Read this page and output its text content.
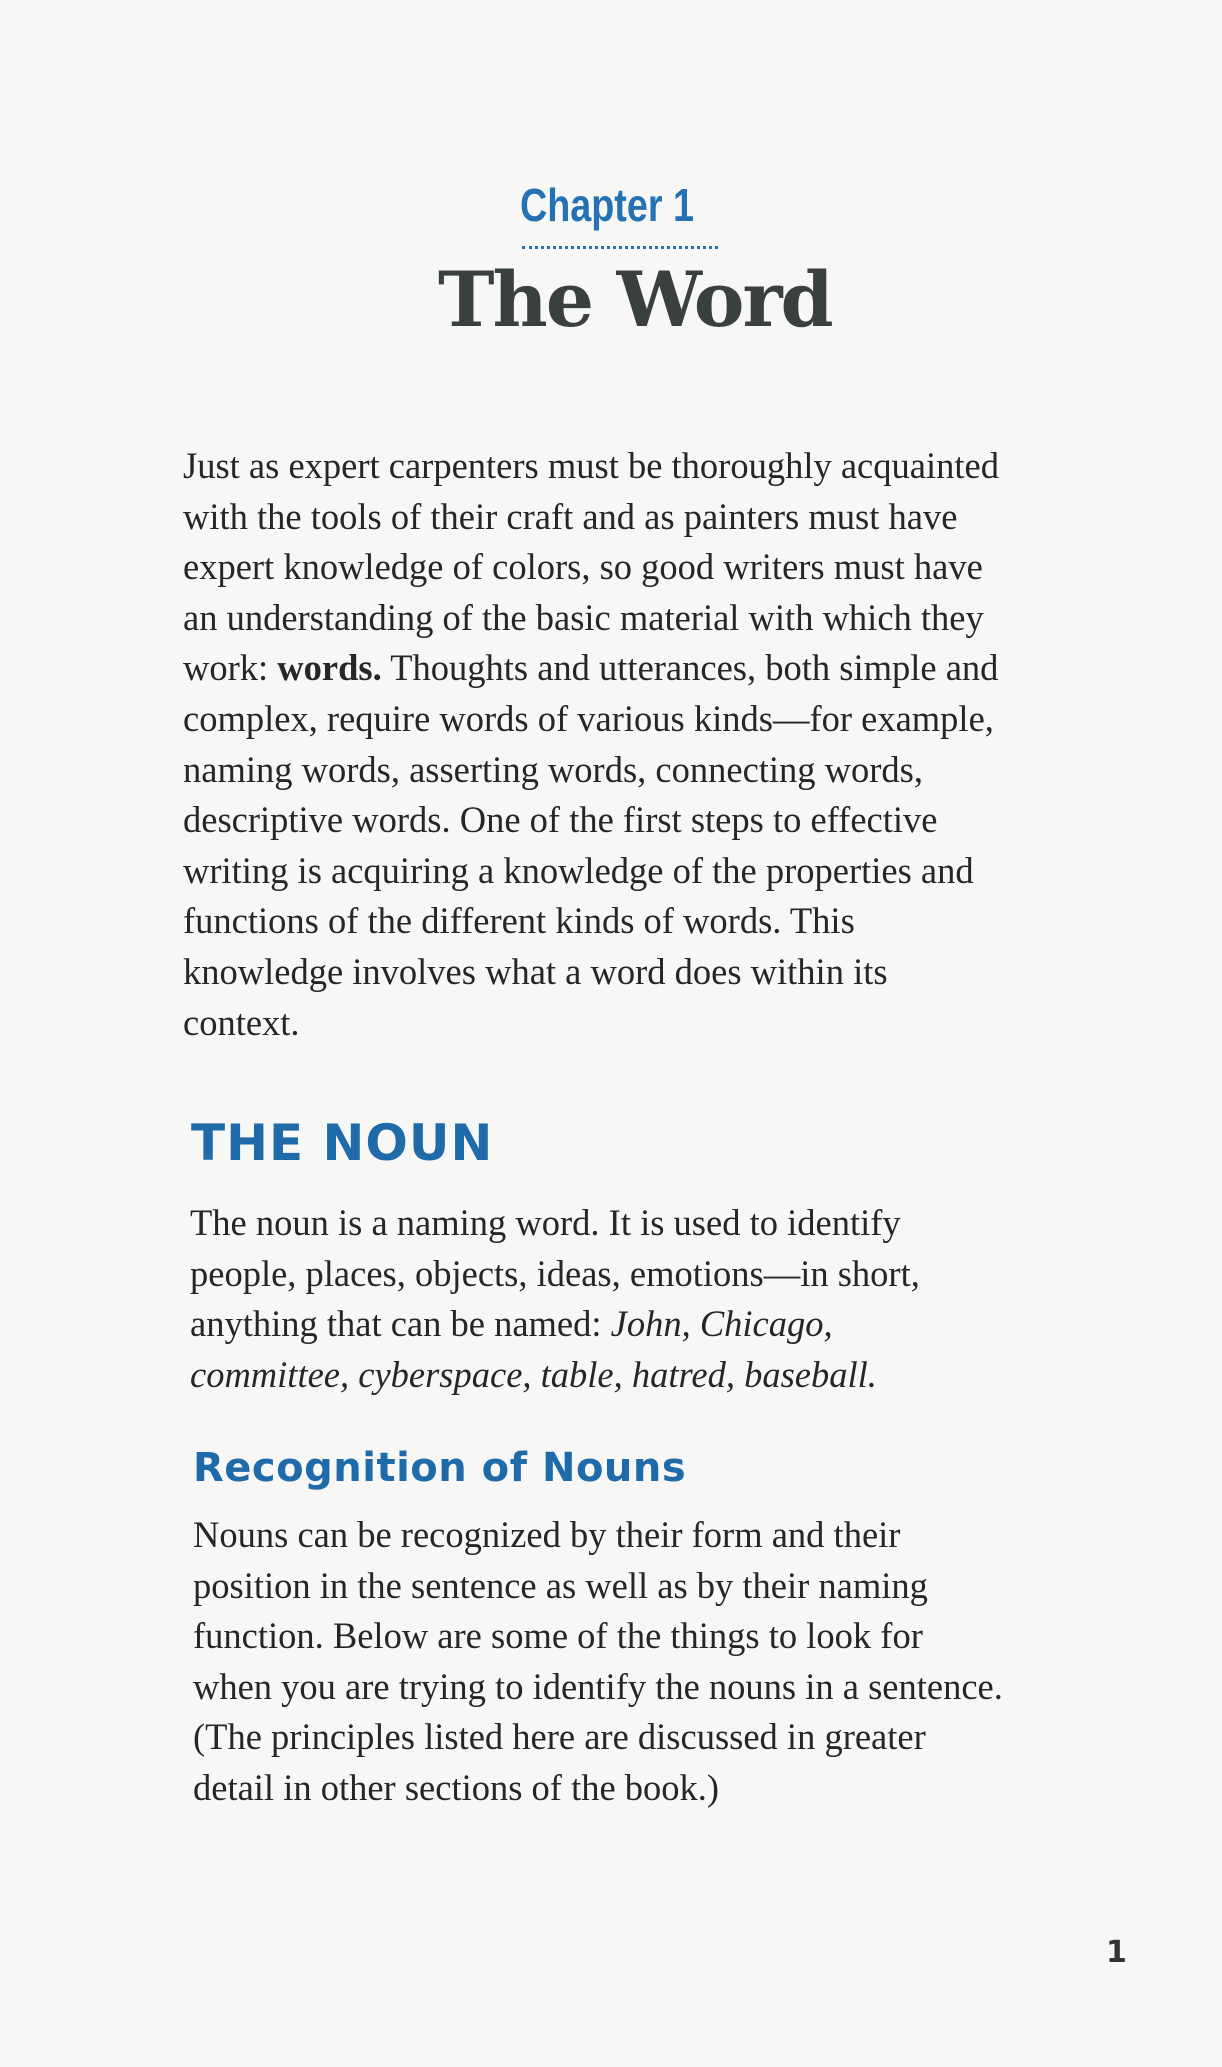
Chapter 1
The Word
Just as expert carpenters must be thoroughly acquainted
with the tools of their craft and as painters must have
expert knowledge of colors, so good writers must have
an understanding of the basic material with which they
work: words. Thoughts and utterances, both simple and
complex, require words of various kinds—for example,
naming words, asserting words, connecting words,
descriptive words. One of the first steps to effective
writing is acquiring a knowledge of the properties and
functions of the different kinds of words. This
knowledge involves what a word does within its
context.
THE NOUN
The noun is a naming word. It is used to identify
people, places, objects, ideas, emotions—in short,
anything that can be named: John, Chicago,
committee, cyberspace, table, hatred, baseball.
Recognition of Nouns
Nouns can be recognized by their form and their
position in the sentence as well as by their naming
function. Below are some of the things to look for
when you are trying to identify the nouns in a sentence.
(The principles listed here are discussed in greater
detail in other sections of the book.)
1
